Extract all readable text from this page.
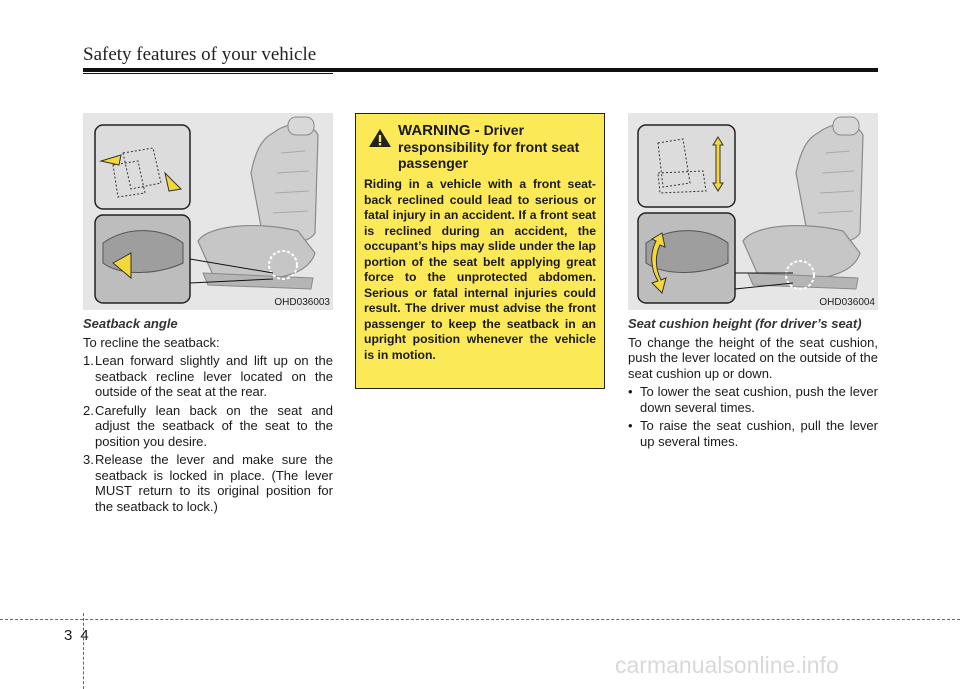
Safety features of your vehicle
OHD036003	OHD036004

Seatback angle

To recline the seatback:

1. Lean forward slightly and lift up on the seatback recline lever located on the outside of the seat at the rear.
2. Carefully lean back on the seat and adjust the seatback of the seat to the position you desire.
3. Release the lever and make sure the seatback is locked in place. (The lever MUST return to its original position for the seatback to lock.)
WARNING - Driver responsibility for front seat passenger
Riding in a vehicle with a front seat-back reclined could lead to serious or fatal injury in an accident. If a front seat is reclined during an accident, the occupant’s hips may slide under the lap portion of the seat belt applying great force to the unprotected abdomen. Serious or fatal internal injuries could result. The driver must advise the front passenger to keep the seatback in an upright position whenever the vehicle is in motion.

Seat cushion height (for driver’s seat)

To change the height of the seat cushion, push the lever located on the outside of the seat cushion up or down.

• To lower the seat cushion, push the lever down several times.
• To raise the seat cushion, pull the lever up several times.
34
carmanualsonline.info
